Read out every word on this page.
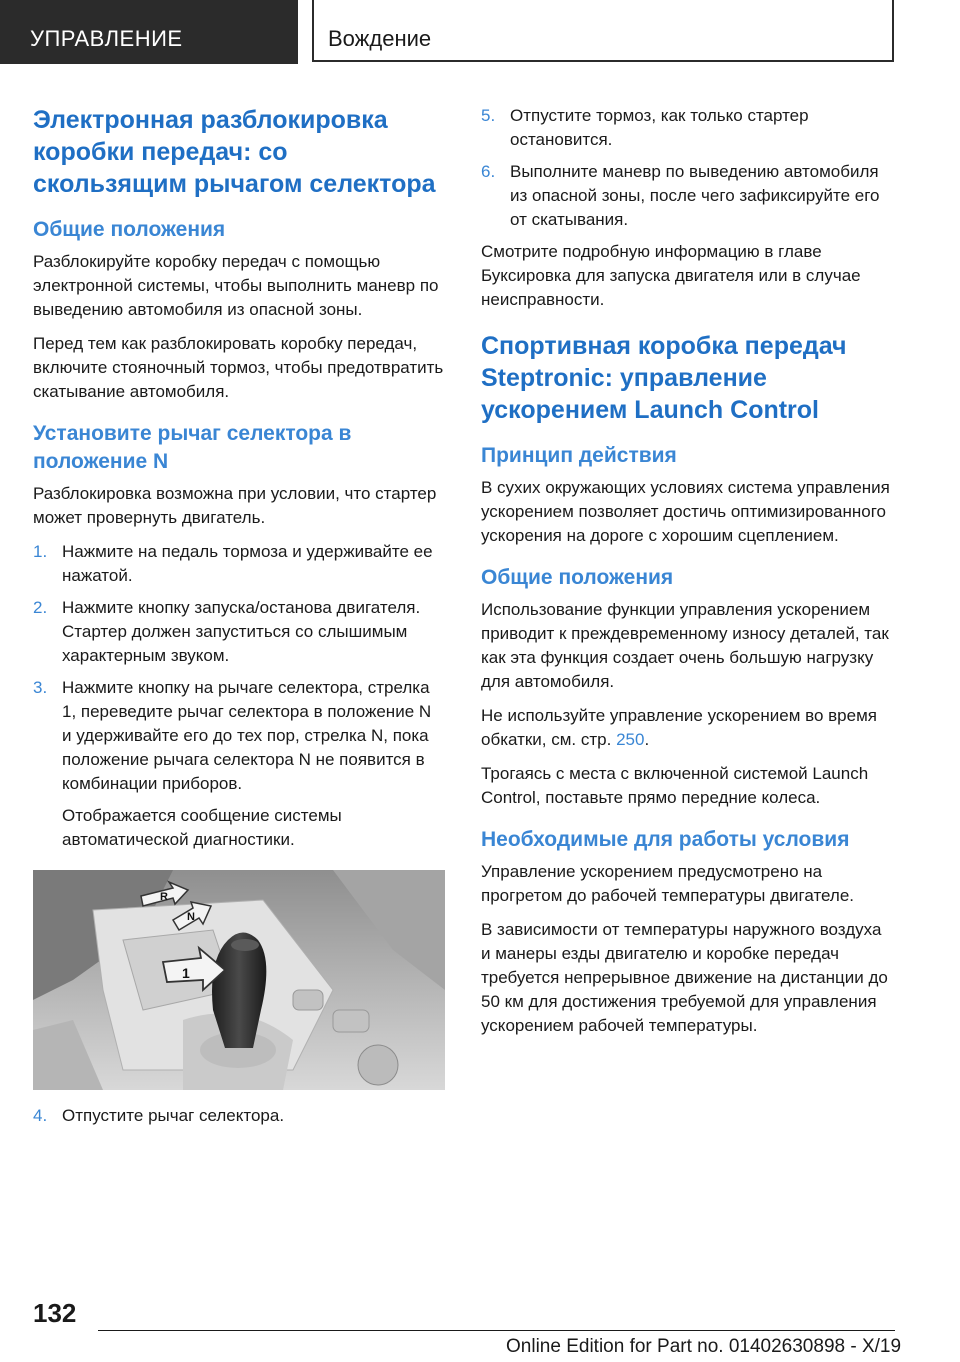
УПРАВЛЕНИЕ	Вождение
Электронная разблокировка коробки передач: со скользящим рычагом селектора
Общие положения

Разблокируйте коробку передач с помощью электронной системы, чтобы выполнить маневр по выведению автомобиля из опасной зоны.

Перед тем как разблокировать коробку передач, включите стояночный тормоз, чтобы предотвратить скатывание автомобиля.

Установите рычаг селектора в положение N

Разблокировка возможна при условии, что стартер может провернуть двигатель.

1. Нажмите на педаль тормоза и удерживайте ее нажатой.
2. Нажмите кнопку запуска/останова двигателя. Стартер должен запуститься со слышимым характерным звуком.
3. Нажмите кнопку на рычаге селектора, стрелка 1, переведите рычаг селектора в положение N и удерживайте его до тех пор, стрелка N, пока положение рычага селектора N не появится в комбинации приборов.

Отображается сообщение системы автоматической диагностики.

R
N
1
4. Отпустите рычаг селектора.
5. Отпустите тормоз, как только стартер остановится.
6. Выполните маневр по выведению автомобиля из опасной зоны, после чего зафиксируйте его от скатывания.

Смотрите подробную информацию в главе Буксировка для запуска двигателя или в случае неисправности.

Спортивная коробка передач Steptronic: управление ускорением Launch Control
Принцип действия

В сухих окружающих условиях система управления ускорением позволяет достичь оптимизированного ускорения на дороге с хорошим сцеплением.

Общие положения

Использование функции управления ускорением приводит к преждевременному износу деталей, так как эта функция создает очень большую нагрузку для автомобиля.

Не используйте управление ускорением во время обкатки, см. стр. 250.

Трогаясь с места с включенной системой Launch Control, поставьте прямо передние колеса.

Необходимые для работы условия

Управление ускорением предусмотрено на прогретом до рабочей температуры двигателе.

В зависимости от температуры наружного воздуха и манеры езды двигателю и коробке передач требуется непрерывное движение на дистанции до 50 км для достижения требуемой для управления ускорением рабочей температуры.

132
Online Edition for Part no. 01402630898 - X/19
